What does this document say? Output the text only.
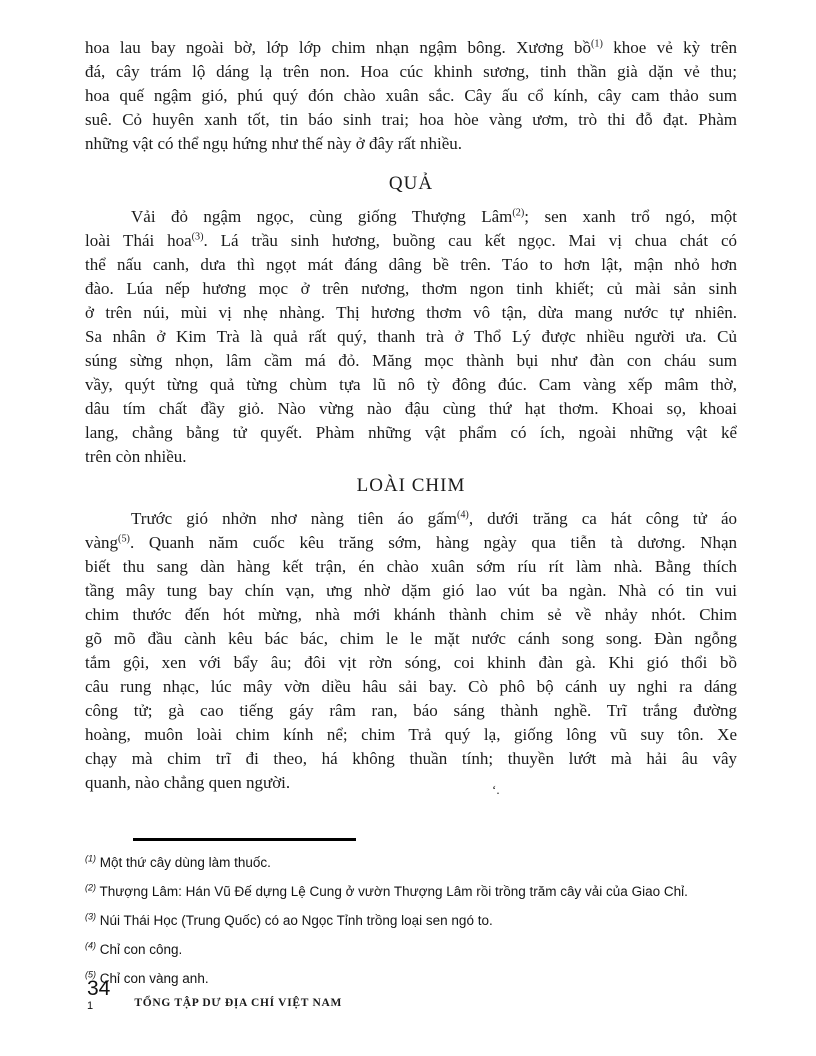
hoa lau bay ngoài bờ, lớp lớp chim nhạn ngậm bông. Xương bồ$^{(1)}$ khoe vẻ kỳ trên
đá, cây trám lộ dáng lạ trên non. Hoa cúc khinh sương, tinh thần già dặn vẻ thu;
hoa quế ngậm gió, phú quý đón chào xuân sắc. Cây ấu cổ kính, cây cam thảo sum
suê. Cỏ huyên xanh tốt, tin báo sinh trai; hoa hòe vàng ươm, trò thi đỗ đạt. Phàm
những vật có thể ngụ hứng như thế này ở đây rất nhiều.
QUẢ
Vải đỏ ngậm ngọc, cùng giống Thượng Lâm$^{(2)}$; sen xanh trổ ngó, một
loài Thái hoa$^{(3)}$. Lá trầu sinh hương, buồng cau kết ngọc. Mai vị chua chát có
thể nấu canh, dưa thì ngọt mát đáng dâng bề trên. Táo to hơn lật, mận nhỏ hơn
đào. Lúa nếp hương mọc ở trên nương, thơm ngon tinh khiết; củ mài sản sinh
ở trên núi, mùi vị nhẹ nhàng. Thị hương thơm vô tận, dừa mang nước tự nhiên.
Sa nhân ở Kim Trà là quả rất quý, thanh trà ở Thổ Lý được nhiều người ưa. Củ
súng sừng nhọn, lâm cầm má đỏ. Măng mọc thành bụi như đàn con cháu sum
vầy, quýt từng quả từng chùm tựa lũ nô tỳ đông đúc. Cam vàng xếp mâm thờ,
dâu tím chất đầy giỏ. Nào vừng nào đậu cùng thứ hạt thơm. Khoai sọ, khoai
lang, chẳng bằng tử quyết. Phàm những vật phẩm có ích, ngoài những vật kể
trên còn nhiều.
LOÀI CHIM
Trước gió nhởn nhơ nàng tiên áo gấm$^{(4)}$, dưới trăng ca hát công tử áo
vàng$^{(5)}$. Quanh năm cuốc kêu trăng sớm, hàng ngày qua tiễn tà dương. Nhạn
biết thu sang dàn hàng kết trận, én chào xuân sớm ríu rít làm nhà. Bằng thích
tầng mây tung bay chín vạn, ưng nhờ dặm gió lao vút ba ngàn. Nhà có tin vui
chim thước đến hót mừng, nhà mới khánh thành chim sẻ về nhảy nhót. Chim
gõ mõ đầu cành kêu bác bác, chim le le mặt nước cánh song song. Đàn ngỗng
tắm gội, xen với bẩy âu; đôi vịt rờn sóng, coi khinh đàn gà. Khi gió thổi bồ
câu rung nhạc, lúc mây vờn diều hâu sải bay. Cò phô bộ cánh uy nghi ra dáng
công tử; gà cao tiếng gáy râm ran, báo sáng thành nghề. Trĩ trắng đường
hoàng, muôn loài chim kính nể; chim Trả quý lạ, giống lông vũ suy tôn. Xe
chạy mà chim trĩ đi theo, há không thuần tính; thuyền lướt mà hải âu vây
quanh, nào chẳng quen người.	ʻ.
$^{(1)}$ Một thứ cây dùng làm thuốc.
$^{(2)}$ Thượng Lâm: Hán Vũ Đế dựng Lệ Cung ở vườn Thượng Lâm rồi trồng trăm cây vải của Giao Chỉ.
$^{(3)}$ Núi Thái Học (Trung Quốc) có ao Ngọc Tỉnh trồng loại sen ngó to.
$^{(4)}$ Chỉ con công.
$^{(5)}$ Chỉ con vàng anh.
34
1	TỔNG TẬP DƯ ĐỊA CHÍ VIỆT NAM
